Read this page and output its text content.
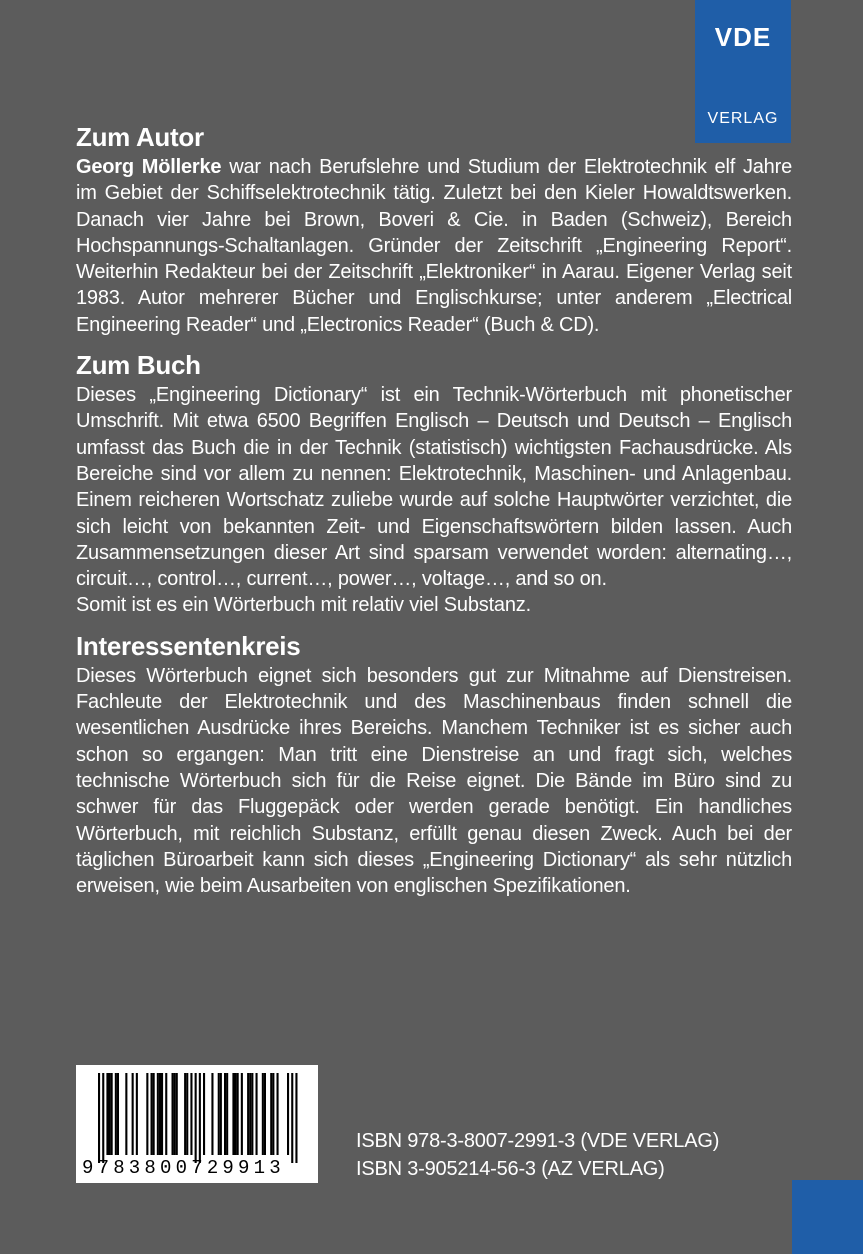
VDE
VERLAG
Zum Autor

Georg Möllerke war nach Berufslehre und Studium der Elektrotechnik elf Jahre im Gebiet der Schiffselektrotechnik tätig. Zuletzt bei den Kieler Howaldtswerken. Danach vier Jahre bei Brown, Boveri & Cie. in Baden (Schweiz), Bereich Hochspannungs-Schaltanlagen. Gründer der Zeitschrift „Engineering Report“. Weiterhin Redakteur bei der Zeitschrift „Elektroniker“ in Aarau. Eigener Verlag seit 1983. Autor mehrerer Bücher und Englischkurse; unter anderem „Electrical Engineering Reader“ und „Electronics Reader“ (Buch & CD).

Zum Buch

Dieses „Engineering Dictionary“ ist ein Technik-Wörterbuch mit phonetischer Umschrift. Mit etwa 6500 Begriffen Englisch – Deutsch und Deutsch – Englisch umfasst das Buch die in der Technik (statistisch) wichtigsten Fachausdrücke. Als Bereiche sind vor allem zu nennen: Elektrotechnik, Maschinen- und Anlagenbau. Einem reicheren Wortschatz zuliebe wurde auf solche Hauptwörter verzichtet, die sich leicht von bekannten Zeit- und Eigenschaftswörtern bilden lassen. Auch Zusammensetzungen dieser Art sind sparsam verwendet worden: alternating…, circuit…, control…, current…, power…, voltage…, and so on.

Somit ist es ein Wörterbuch mit relativ viel Substanz.

Interessentenkreis

Dieses Wörterbuch eignet sich besonders gut zur Mitnahme auf Dienstreisen. Fachleute der Elektrotechnik und des Maschinenbaus finden schnell die wesentlichen Ausdrücke ihres Bereichs. Manchem Techniker ist es sicher auch schon so ergangen: Man tritt eine Dienstreise an und fragt sich, welches technische Wörterbuch sich für die Reise eignet. Die Bände im Büro sind zu schwer für das Fluggepäck oder werden gerade benötigt. Ein handliches Wörterbuch, mit reichlich Substanz, erfüllt genau diesen Zweck. Auch bei der täglichen Büroarbeit kann sich dieses „Engineering Dictionary“ als sehr nützlich erweisen, wie beim Ausarbeiten von englischen Spezifikationen.

9783800729913
ISBN 978-3-8007-2991-3 (VDE VERLAG)
ISBN 3-905214-56-3 (AZ VERLAG)
